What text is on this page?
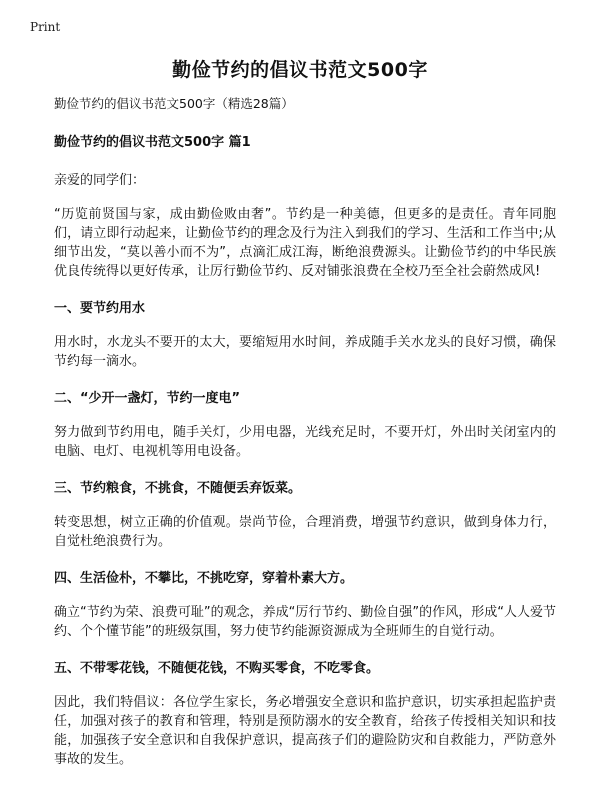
Print
勤俭节约的倡议书范文500字
勤俭节约的倡议书范文500字（精选28篇）
勤俭节约的倡议书范文500字 篇1
亲爱的同学们：
“历览前贤国与家，成由勤俭败由奢”。节约是一种美德，但更多的是责任。青年同胞们，请立即行动起来，让勤俭节约的理念及行为注入到我们的学习、生活和工作当中;从细节出发，“莫以善小而不为”，点滴汇成江海，断绝浪费源头。让勤俭节约的中华民族优良传统得以更好传承，让厉行勤俭节约、反对铺张浪费在全校乃至全社会蔚然成风!
一、要节约用水
用水时，水龙头不要开的太大，要缩短用水时间，养成随手关水龙头的良好习惯，确保节约每一滴水。
二、“少开一盏灯，节约一度电”
努力做到节约用电，随手关灯，少用电器，光线充足时，不要开灯，外出时关闭室内的电脑、电灯、电视机等用电设备。
三、节约粮食，不挑食，不随便丢弃饭菜。
转变思想，树立正确的价值观。崇尚节俭，合理消费，增强节约意识，做到身体力行，自觉杜绝浪费行为。
四、生活俭朴，不攀比，不挑吃穿，穿着朴素大方。
确立“节约为荣、浪费可耻”的观念，养成“厉行节约、勤俭自强”的作风，形成“人人爱节约、个个懂节能”的班级氛围，努力使节约能源资源成为全班师生的自觉行动。
五、不带零花钱，不随便花钱，不购买零食，不吃零食。
因此，我们特倡议：各位学生家长，务必增强安全意识和监护意识，切实承担起监护责任，加强对孩子的教育和管理，特别是预防溺水的安全教育，给孩子传授相关知识和技能，加强孩子安全意识和自我保护意识，提高孩子们的避险防灾和自救能力，严防意外事故的发生。
